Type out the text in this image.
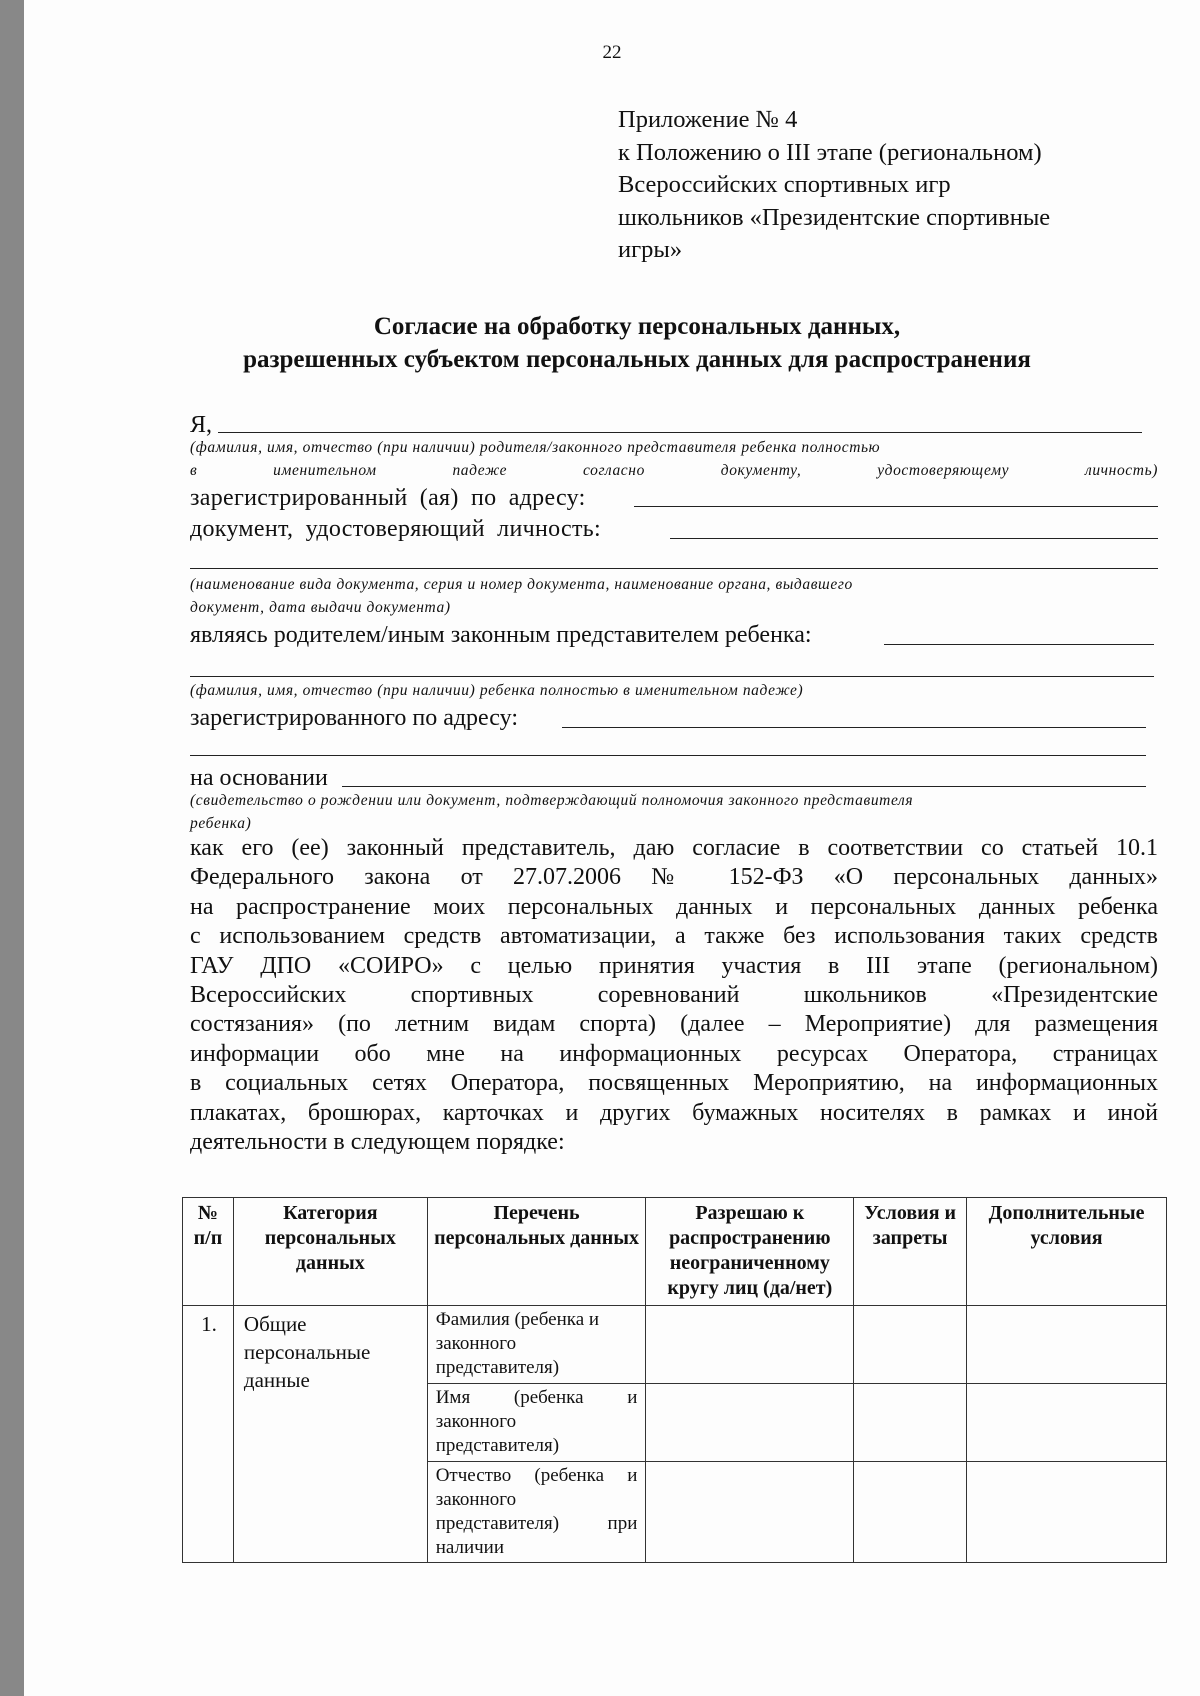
22
Приложение № 4
к Положению о III этапе (региональном)
Всероссийских спортивных игр
школьников «Президентские спортивные
игры»
Согласие на обработку персональных данных,
разрешенных субъектом персональных данных для распространения
Я,
(фамилия, имя, отчество (при наличии) родителя/законного представителя ребенка полностью
в именительном падеже согласно документу, удостоверяющему личность)
зарегистрированный (ая) по адресу:
документ, удостоверяющий личность:
(наименование вида документа, серия и номер документа, наименование органа, выдавшего
документ, дата выдачи документа)
являясь родителем/иным законным представителем ребенка:
(фамилия, имя, отчество (при наличии) ребенка полностью в именительном падеже)
зарегистрированного по адресу:
на основании
(свидетельство о рождении или документ, подтверждающий полномочия законного представителя
ребенка)
как его (ее) законный представитель, даю согласие в соответствии со статьей 10.1
Федерального закона от 27.07.2006 № 152-ФЗ «О персональных данных»
на распространение моих персональных данных и персональных данных ребенка
с использованием средств автоматизации, а также без использования таких средств
ГАУ ДПО «СОИРО» с целью принятия участия в III этапе (региональном)
Всероссийских спортивных соревнований школьников «Президентские
состязания» (по летним видам спорта) (далее – Мероприятие) для размещения
информации обо мне на информационных ресурсах Оператора, страницах
в социальных сетях Оператора, посвященных Мероприятию, на информационных
плакатах, брошюрах, карточках и других бумажных носителях в рамках и иной
деятельности в следующем порядке:
№ п/п	Категория персональных данных	Перечень персональных данных	Разрешаю к распространению неограниченному кругу лиц (да/нет)	Условия и запреты	Дополнительные условия
1.	Общие персональные данные	Фамилия (ребенка и законного представителя)			
		Имя (ребенка и законного представителя)			
		Отчество (ребенка и законного представителя) при наличии			
